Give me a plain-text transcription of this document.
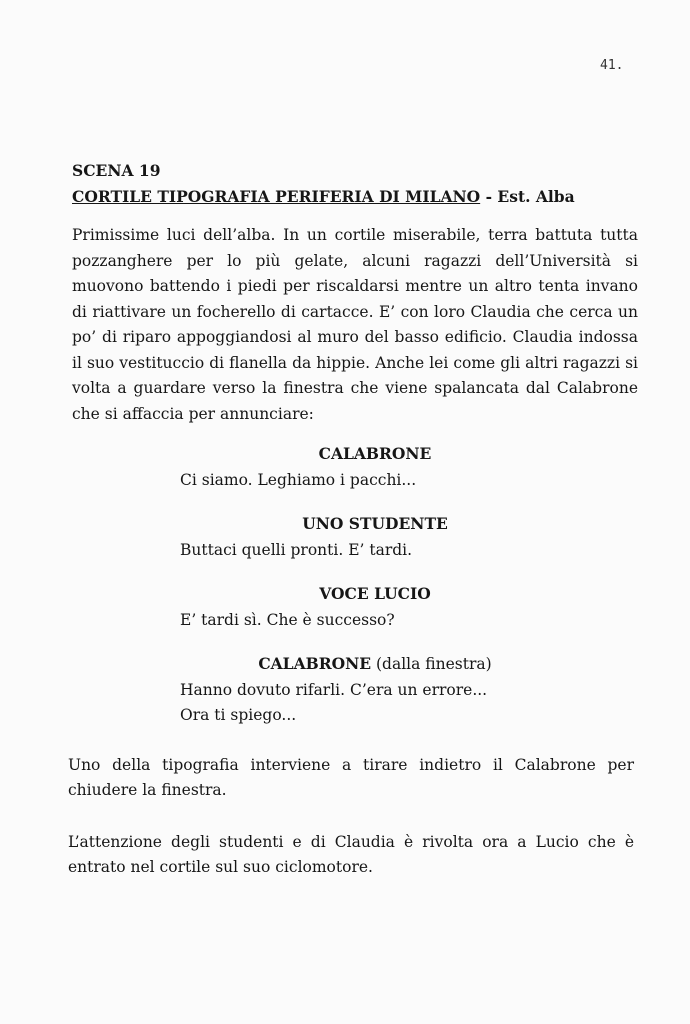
41.
SCENA 19
CORTILE TIPOGRAFIA PERIFERIA DI MILANO - Est. Alba

Primissime luci dell’alba. In un cortile miserabile, terra battuta tutta pozzanghere per lo più gelate, alcuni ragazzi dell’Università si muovono battendo i piedi per riscaldarsi mentre un altro tenta invano di riattivare un focherello di cartacce. E’ con loro Claudia che cerca un po’ di riparo appoggiandosi al muro del basso edificio. Claudia indossa il suo vestituccio di flanella da hippie. Anche lei come gli altri ragazzi si volta a guardare verso la finestra che viene spalancata dal Calabrone che si affaccia per annunciare:

CALABRONE
Ci siamo. Leghiamo i pacchi...
UNO STUDENTE
Buttaci quelli pronti. E’ tardi.
VOCE LUCIO
E’ tardi sì. Che è successo?
CALABRONE (dalla finestra)
Hanno dovuto rifarli. C’era un errore...
Ora ti spiego...

Uno della tipografia interviene a tirare indietro il Calabrone per chiudere la finestra.

L’attenzione degli studenti e di Claudia è rivolta ora a Lucio che è entrato nel cortile sul suo ciclomotore.
